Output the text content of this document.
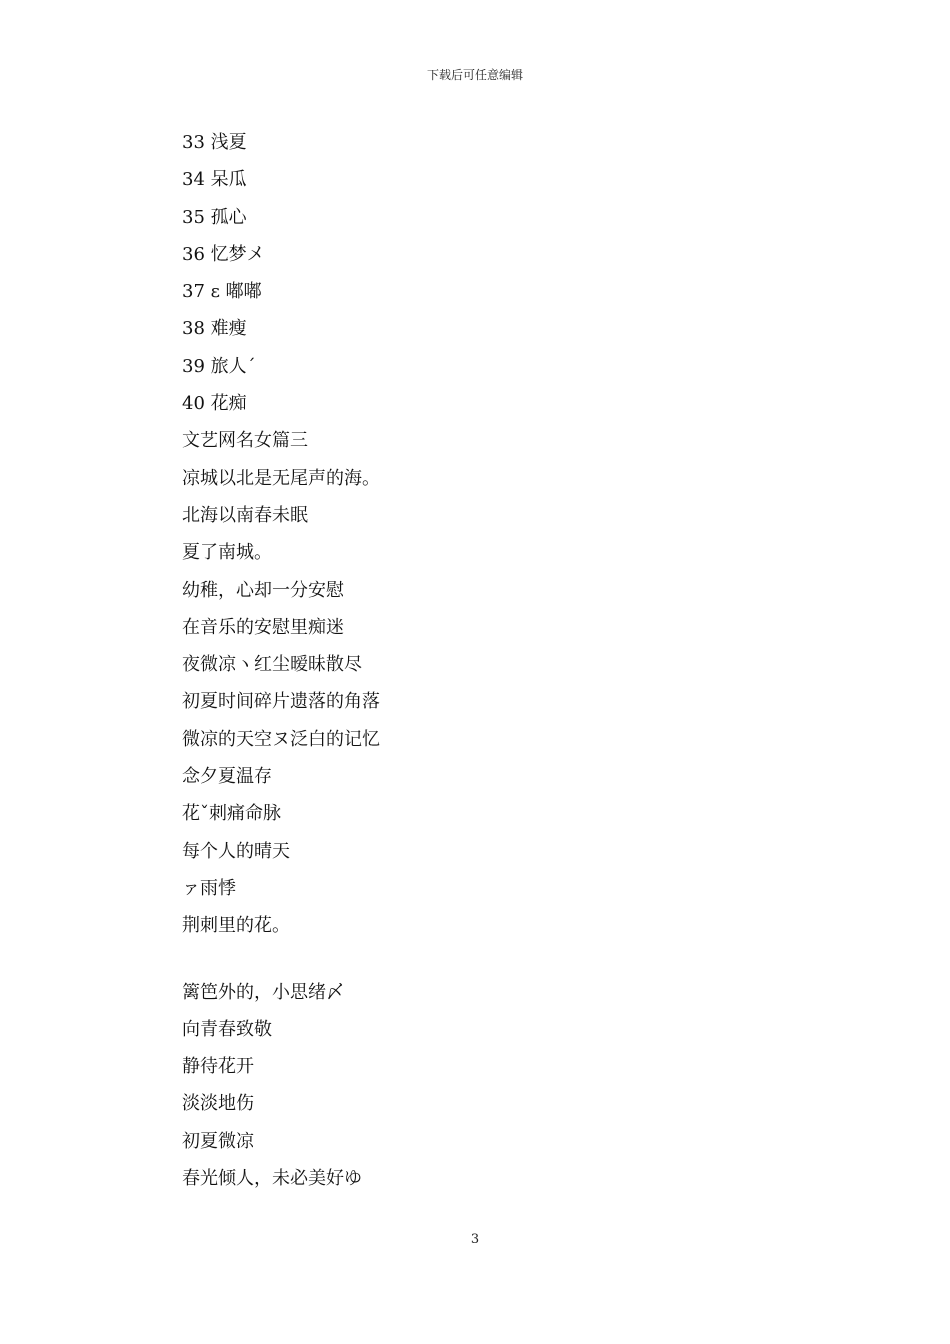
下载后可任意编辑
33 浅夏
34 呆瓜
35 孤心
36 忆梦メ
37 ε 嘟嘟
38 难瘦
39 旅人ˊ
40 花痴
文艺网名女篇三
凉城以北是无尾声的海。
北海以南春未眠
夏了南城。
幼稚，心却一分安慰
在音乐的安慰里痴迷
夜微凉ヽ红尘暧昧散尽
初夏时间碎片遗落的角落
微凉的天空ヌ泛白的记忆
念夕夏温存
花ˇ刺痛命脉
每个人的晴天
ァ雨悸
荆刺里的花。
篱笆外的，小思绪〆
向青春致敬
静待花开
淡淡地伤
初夏微凉
春光倾人，未必美好ゆ
3
